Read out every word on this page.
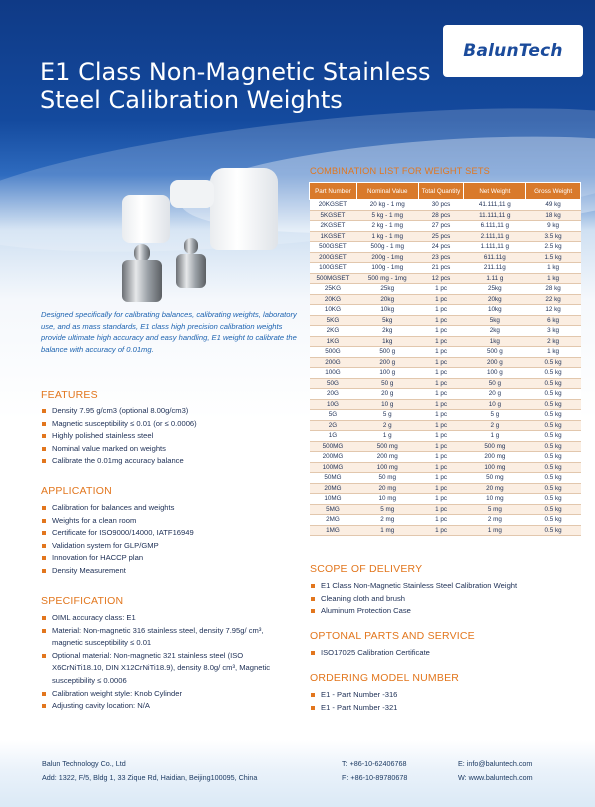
BalunTech
E1 Class Non-Magnetic Stainless
Steel Calibration Weights

Designed specifically for calibrating balances, calibrating weights, laboratory use, and as mass standards, E1 class high precision calibration weights provide ultimate high accuracy and easy handling, E1 weight to calibrate the balance with accuracy of 0.01mg.

FEATURES
Density 7.95 g/cm3 (optional 8.00g/cm3)
Magnetic susceptibility ≤ 0.01 (or ≤ 0.0006)
Highly polished stainless steel
Nominal value marked on weights
Calibrate the 0.01mg accuracy balance
APPLICATION
Calibration for balances and weights
Weights for a clean room
Certificate for ISO9000/14000, IATF16949
Validation system for GLP/GMP
Innovation for HACCP plan
Density Measurement
SPECIFICATION
OIML accuracy class: E1
Material: Non-magnetic 316 stainless steel, density 7.95g/ cm³, magnetic susceptibility ≤ 0.01
Optional material: Non-magnetic 321 stainless steel (ISO X6CrNiTi18.10, DIN X12CrNiTi18.9), density 8.0g/ cm³, Magnetic susceptibility ≤ 0.0006
Calibration weight style: Knob Cylinder
Adjusting cavity location: N/A
COMBINATION LIST FOR WEIGHT SETS
Part Number	Nominal Value	Total Quantity	Net Weight	Gross Weight
20KGSET	20 kg - 1 mg	30 pcs	41.111,11 g	49 kg
5KGSET	5 kg - 1 mg	28 pcs	11.111,11 g	18 kg
2KGSET	2 kg - 1 mg	27 pcs	6.111,11 g	9 kg
1KGSET	1 kg - 1 mg	25 pcs	2.111,11 g	3.5 kg
500GSET	500g - 1 mg	24 pcs	1.111,11 g	2.5 kg
200GSET	200g - 1mg	23 pcs	611.11g	1.5 kg
100GSET	100g - 1mg	21 pcs	211.11g	1 kg
500MGSET	500 mg - 1mg	12 pcs	1.11 g	1 kg
25KG	25kg	1 pc	25kg	28 kg
20KG	20kg	1 pc	20kg	22 kg
10KG	10kg	1 pc	10kg	12 kg
5KG	5kg	1 pc	5kg	6 kg
2KG	2kg	1 pc	2kg	3 kg
1KG	1kg	1 pc	1kg	2 kg
500G	500 g	1 pc	500 g	1 kg
200G	200 g	1 pc	200 g	0.5 kg
100G	100 g	1 pc	100 g	0.5 kg
50G	50 g	1 pc	50 g	0.5 kg
20G	20 g	1 pc	20 g	0.5 kg
10G	10 g	1 pc	10 g	0.5 kg
5G	5 g	1 pc	5 g	0.5 kg
2G	2 g	1 pc	2 g	0.5 kg
1G	1 g	1 pc	1 g	0.5 kg
500MG	500 mg	1 pc	500 mg	0.5 kg
200MG	200 mg	1 pc	200 mg	0.5 kg
100MG	100 mg	1 pc	100 mg	0.5 kg
50MG	50 mg	1 pc	50 mg	0.5 kg
20MG	20 mg	1 pc	20 mg	0.5 kg
10MG	10 mg	1 pc	10 mg	0.5 kg
5MG	5 mg	1 pc	5 mg	0.5 kg
2MG	2 mg	1 pc	2 mg	0.5 kg
1MG	1 mg	1 pc	1 mg	0.5 kg
SCOPE OF DELIVERY
E1 Class Non-Magnetic Stainless Steel Calibration Weight
Cleaning cloth and brush
Aluminum Protection Case
OPTONAL PARTS AND SERVICE
ISO17025 Calibration Certificate
ORDERING MODEL NUMBER
E1 - Part Number -316
E1 - Part Number -321
Balun Technology Co., Ltd
Add: 1322, F/5, Bldg 1, 33 Zique Rd, Haidian, Beijing100095, China
T: +86-10-62406768
F: +86-10-89780678
E: info@baluntech.com
W: www.baluntech.com
